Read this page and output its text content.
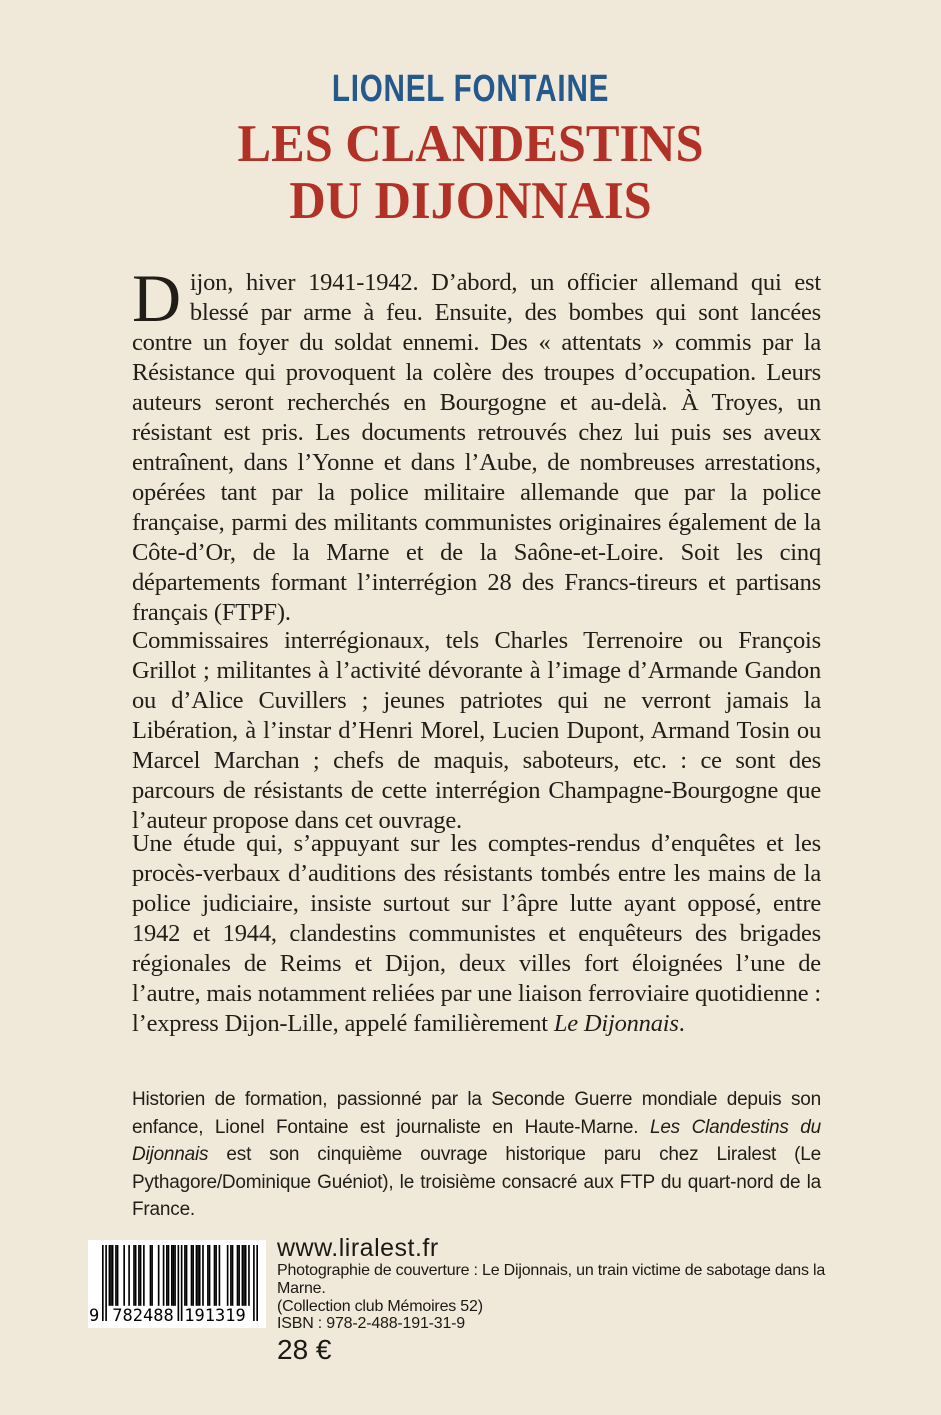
LIONEL FONTAINE
LES CLANDESTINS
DU DIJONNAIS

Dijon, hiver 1941-1942. D’abord, un officier allemand qui est blessé par arme à feu. Ensuite, des bombes qui sont lancées contre un foyer du soldat ennemi. Des « attentats » commis par la Résistance qui provoquent la colère des troupes d’occupation. Leurs auteurs seront recherchés en Bourgogne et au-delà. À Troyes, un résistant est pris. Les documents retrouvés chez lui puis ses aveux entraînent, dans l’Yonne et dans l’Aube, de nombreuses arrestations, opérées tant par la police militaire allemande que par la police française, parmi des militants communistes originaires également de la Côte-d’Or, de la Marne et de la Saône-et-Loire. Soit les cinq départements formant l’interrégion 28 des Francs-tireurs et partisans français (FTPF).

Commissaires interrégionaux, tels Charles Terrenoire ou François Grillot ; militantes à l’activité dévorante à l’image d’Armande Gandon ou d’Alice Cuvillers ; jeunes patriotes qui ne verront jamais la Libération, à l’instar d’Henri Morel, Lucien Dupont, Armand Tosin ou Marcel Marchan ; chefs de maquis, saboteurs, etc. : ce sont des parcours de résistants de cette interrégion Champagne-Bourgogne que l’auteur propose dans cet ouvrage.

Une étude qui, s’appuyant sur les comptes-rendus d’enquêtes et les procès-verbaux d’auditions des résistants tombés entre les mains de la police judiciaire, insiste surtout sur l’âpre lutte ayant opposé, entre 1942 et 1944, clandestins communistes et enquêteurs des brigades régionales de Reims et Dijon, deux villes fort éloignées l’une de l’autre, mais notamment reliées par une liaison ferroviaire quotidienne : l’express Dijon-Lille, appelé familièrement Le Dijonnais.

Historien de formation, passionné par la Seconde Guerre mondiale depuis son enfance, Lionel Fontaine est journaliste en Haute-Marne. Les Clandestins du Dijonnais est son cinquième ouvrage historique paru chez Liralest (Le Pythagore/Dominique Guéniot), le troisième consacré aux FTP du quart-nord de la France.

9 782488 191319
www.liralest.fr
Photographie de couverture : Le Dijonnais, un train victime de sabotage dans la Marne.
(Collection club Mémoires 52)
ISBN : 978-2-488-191-31-9
28 €
